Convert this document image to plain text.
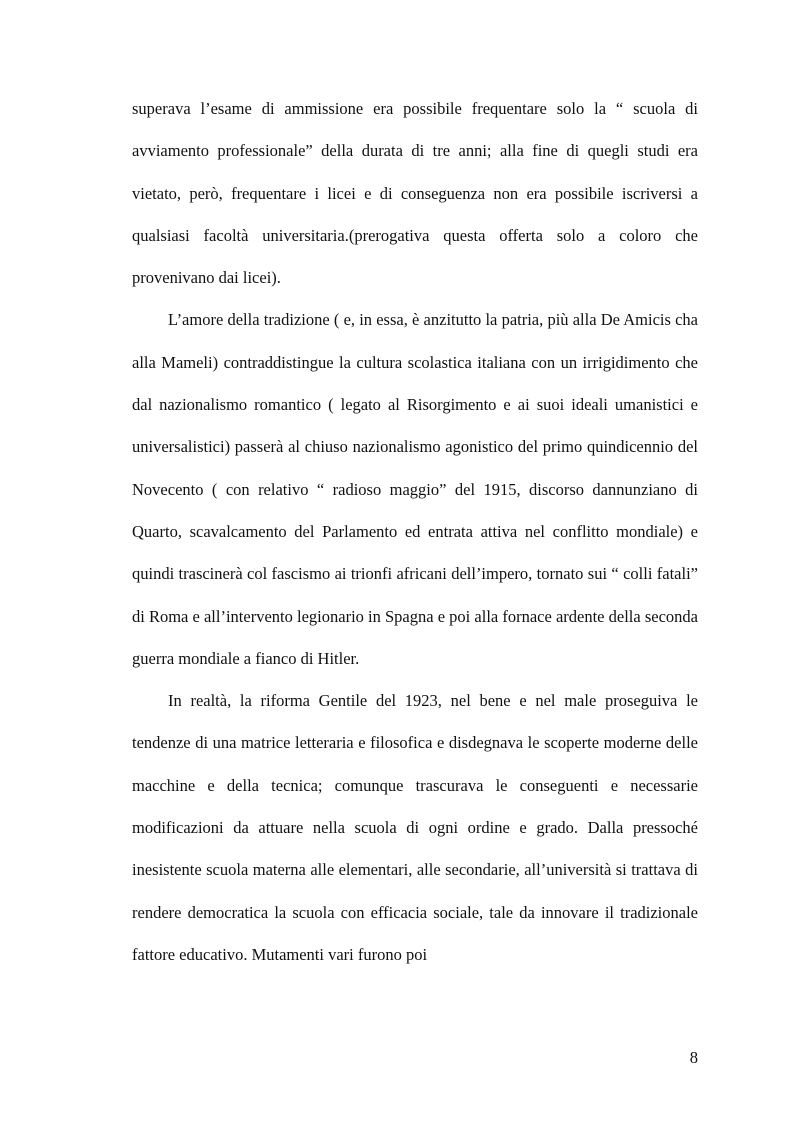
superava l’esame di ammissione era possibile frequentare solo la “ scuola di avviamento professionale” della durata di tre anni; alla fine di quegli studi era vietato, però, frequentare i licei e di conseguenza non era possibile iscriversi a qualsiasi facoltà universitaria.(prerogativa questa offerta solo a coloro che provenivano dai licei).

L’amore della tradizione ( e, in essa, è anzitutto la patria, più alla De Amicis cha alla Mameli) contraddistingue la cultura scolastica italiana con un irrigidimento che dal nazionalismo romantico ( legato al Risorgimento e ai suoi ideali umanistici e universalistici) passerà al chiuso nazionalismo agonistico del primo quindicennio del Novecento ( con relativo “ radioso maggio” del 1915, discorso dannunziano di Quarto, scavalcamento del Parlamento ed entrata attiva nel conflitto mondiale) e quindi trascinerà col fascismo ai trionfi africani dell’impero, tornato sui “ colli fatali” di Roma e all’intervento legionario in Spagna e poi alla fornace ardente della seconda guerra mondiale a fianco di Hitler.

In realtà, la riforma Gentile del 1923, nel bene e nel male proseguiva le tendenze di una matrice letteraria e filosofica e disdegnava le scoperte moderne delle macchine e della tecnica; comunque trascurava le conseguenti e necessarie modificazioni da attuare nella scuola di ogni ordine e grado. Dalla pressoché inesistente scuola materna alle elementari, alle secondarie, all’università si trattava di rendere democratica la scuola con efficacia sociale, tale da innovare il tradizionale fattore educativo. Mutamenti vari furono poi

8
